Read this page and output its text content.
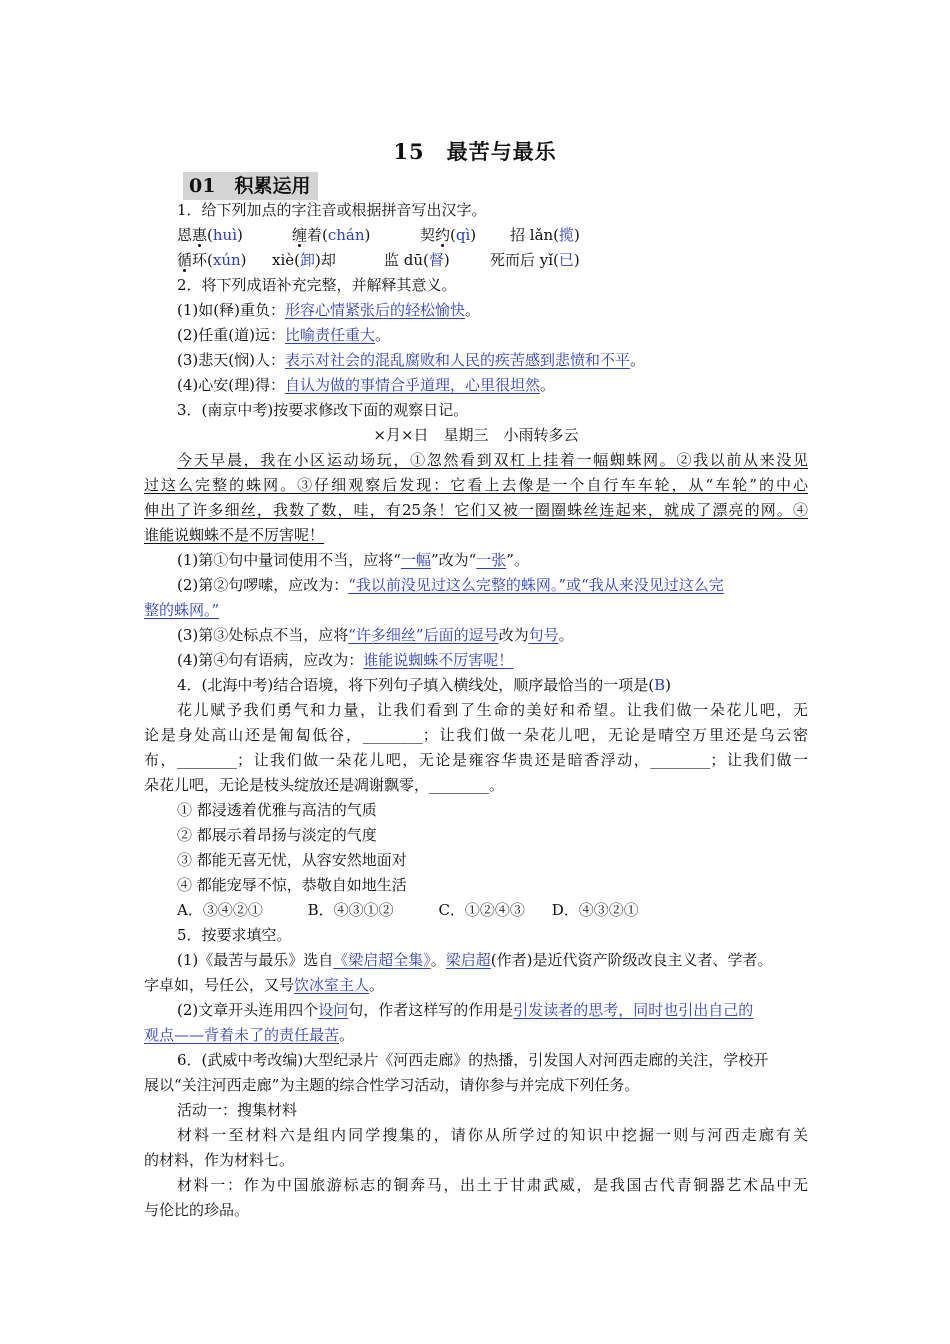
15　最苦与最乐
01　积累运用
1．给下列加点的字注音或根据拼音写出汉字。
恩惠(huì)	缠着(chán)	契约(qì) 招 lǎn(揽)
循环(xún) xiè(卸)却	监 dū(督)	死而后 yǐ(已)
2．将下列成语补充完整，并解释其意义。
(1)如(释)重负：形容心情紧张后的轻松愉快。
(2)任重(道)远：比喻责任重大。
(3)悲天(悯)人：表示对社会的混乱腐败和人民的疾苦感到悲愤和不平。
(4)心安(理)得：自认为做的事情合乎道理，心里很坦然。
3．(南京中考)按要求修改下面的观察日记。
×月×日　星期三　小雨转多云
今天早晨，我在小区运动场玩，①忽然看到双杠上挂着一幅蜘蛛网。②我以前从来没见
过这么完整的蛛网。③仔细观察后发现：它看上去像是一个自行车车轮，从“车轮”的中心
伸出了许多细丝，我数了数，哇，有25条！它们又被一圈圈蛛丝连起来，就成了漂亮的网。④
谁能说蜘蛛不是不厉害呢！
(1)第①句中量词使用不当，应将“一幅”改为“一张”。
(2)第②句啰嗦，应改为：“我以前没见过这么完整的蛛网。”或“我从来没见过这么完
整的蛛网。”
(3)第③处标点不当，应将“许多细丝”后面的逗号改为句号。
(4)第④句有语病，应改为：谁能说蜘蛛不厉害呢！
4．(北海中考)结合语境，将下列句子填入横线处，顺序最恰当的一项是(B)
花儿赋予我们勇气和力量，让我们看到了生命的美好和希望。让我们做一朵花儿吧，无
论是身处高山还是匍匐低谷，________；让我们做一朵花儿吧，无论是晴空万里还是乌云密
布，________；让我们做一朵花儿吧，无论是雍容华贵还是暗香浮动，________；让我们做一
朵花儿吧，无论是枝头绽放还是凋谢飘零，________。
① 都浸透着优雅与高洁的气质
② 都展示着昂扬与淡定的气度
③ 都能无喜无忧，从容安然地面对
④ 都能宠辱不惊，恭敬自如地生活
A．③④②①	B．④③①②	C．①②④③ D．④③②①
5．按要求填空。
(1)《最苦与最乐》选自《梁启超全集》。梁启超(作者)是近代资产阶级改良主义者、学者。
字卓如，号任公，又号饮冰室主人。
(2)文章开头连用四个设问句，作者这样写的作用是引发读者的思考，同时也引出自己的
观点——背着未了的责任最苦。
6．(武威中考改编)大型纪录片《河西走廊》的热播，引发国人对河西走廊的关注，学校开
展以“关注河西走廊”为主题的综合性学习活动，请你参与并完成下列任务。
活动一：搜集材料
材料一至材料六是组内同学搜集的，请你从所学过的知识中挖掘一则与河西走廊有关
的材料，作为材料七。
材料一：作为中国旅游标志的铜奔马，出土于甘肃武威，是我国古代青铜器艺术品中无
与伦比的珍品。
